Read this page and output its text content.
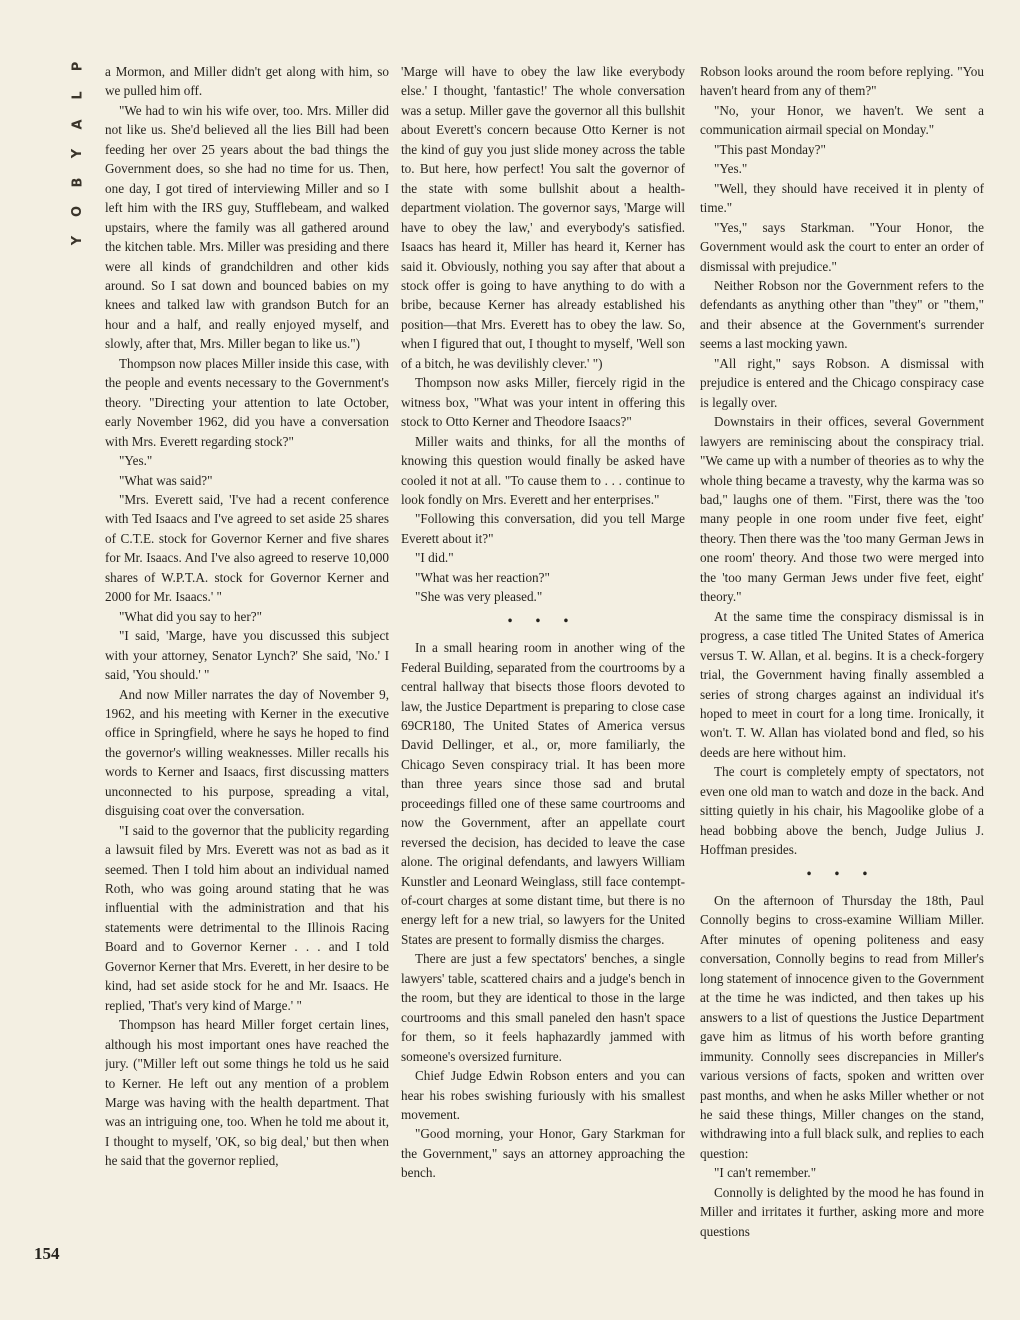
P
L
A
Y
B
O
Y
154

a Mormon, and Miller didn't get along with him, so we pulled him off.

"We had to win his wife over, too. Mrs. Miller did not like us. She'd believed all the lies Bill had been feeding her over 25 years about the bad things the Government does, so she had no time for us. Then, one day, I got tired of interviewing Miller and so I left him with the IRS guy, Stufflebeam, and walked upstairs, where the family was all gathered around the kitchen table. Mrs. Miller was presiding and there were all kinds of grandchildren and other kids around. So I sat down and bounced babies on my knees and talked law with grandson Butch for an hour and a half, and really enjoyed myself, and slowly, after that, Mrs. Miller began to like us.")

Thompson now places Miller inside this case, with the people and events necessary to the Government's theory. "Directing your attention to late October, early November 1962, did you have a conversation with Mrs. Everett regarding stock?"

"Yes."

"What was said?"

"Mrs. Everett said, 'I've had a recent conference with Ted Isaacs and I've agreed to set aside 25 shares of C.T.E. stock for Governor Kerner and five shares for Mr. Isaacs. And I've also agreed to reserve 10,000 shares of W.P.T.A. stock for Governor Kerner and 2000 for Mr. Isaacs.' "

"What did you say to her?"

"I said, 'Marge, have you discussed this subject with your attorney, Senator Lynch?' She said, 'No.' I said, 'You should.' "

And now Miller narrates the day of November 9, 1962, and his meeting with Kerner in the executive office in Springfield, where he says he hoped to find the governor's willing weaknesses. Miller recalls his words to Kerner and Isaacs, first discussing matters unconnected to his purpose, spreading a vital, disguising coat over the conversation.

"I said to the governor that the publicity regarding a lawsuit filed by Mrs. Everett was not as bad as it seemed. Then I told him about an individual named Roth, who was going around stating that he was influential with the administration and that his statements were detrimental to the Illinois Racing Board and to Governor Kerner . . . and I told Governor Kerner that Mrs. Everett, in her desire to be kind, had set aside stock for he and Mr. Isaacs. He replied, 'That's very kind of Marge.' "

Thompson has heard Miller forget certain lines, although his most important ones have reached the jury. ("Miller left out some things he told us he said to Kerner. He left out any mention of a problem Marge was having with the health department. That was an intriguing one, too. When he told me about it, I thought to myself, 'OK, so big deal,' but then when he said that the governor replied,

'Marge will have to obey the law like everybody else.' I thought, 'fantastic!' The whole conversation was a setup. Miller gave the governor all this bullshit about Everett's concern because Otto Kerner is not the kind of guy you just slide money across the table to. But here, how perfect! You salt the governor of the state with some bullshit about a health-department violation. The governor says, 'Marge will have to obey the law,' and everybody's satisfied. Isaacs has heard it, Miller has heard it, Kerner has said it. Obviously, nothing you say after that about a stock offer is going to have anything to do with a bribe, because Kerner has already established his position—that Mrs. Everett has to obey the law. So, when I figured that out, I thought to myself, 'Well son of a bitch, he was devilishly clever.' ")

Thompson now asks Miller, fiercely rigid in the witness box, "What was your intent in offering this stock to Otto Kerner and Theodore Isaacs?"

Miller waits and thinks, for all the months of knowing this question would finally be asked have cooled it not at all. "To cause them to . . . continue to look fondly on Mrs. Everett and her enterprises."

"Following this conversation, did you tell Marge Everett about it?"

"I did."

"What was her reaction?"

"She was very pleased."

• • •

In a small hearing room in another wing of the Federal Building, separated from the courtrooms by a central hallway that bisects those floors devoted to law, the Justice Department is preparing to close case 69CR180, The United States of America versus David Dellinger, et al., or, more familiarly, the Chicago Seven conspiracy trial. It has been more than three years since those sad and brutal proceedings filled one of these same courtrooms and now the Government, after an appellate court reversed the decision, has decided to leave the case alone. The original defendants, and lawyers William Kunstler and Leonard Weinglass, still face contempt-of-court charges at some distant time, but there is no energy left for a new trial, so lawyers for the United States are present to formally dismiss the charges.

There are just a few spectators' benches, a single lawyers' table, scattered chairs and a judge's bench in the room, but they are identical to those in the large courtrooms and this small paneled den hasn't space for them, so it feels haphazardly jammed with someone's oversized furniture.

Chief Judge Edwin Robson enters and you can hear his robes swishing furiously with his smallest movement.

"Good morning, your Honor, Gary Starkman for the Government," says an attorney approaching the bench.

Robson looks around the room before replying. "You haven't heard from any of them?"

"No, your Honor, we haven't. We sent a communication airmail special on Monday."

"This past Monday?"

"Yes."

"Well, they should have received it in plenty of time."

"Yes," says Starkman. "Your Honor, the Government would ask the court to enter an order of dismissal with prejudice."

Neither Robson nor the Government refers to the defendants as anything other than "they" or "them," and their absence at the Government's surrender seems a last mocking yawn.

"All right," says Robson. A dismissal with prejudice is entered and the Chicago conspiracy case is legally over.

Downstairs in their offices, several Government lawyers are reminiscing about the conspiracy trial. "We came up with a number of theories as to why the whole thing became a travesty, why the karma was so bad," laughs one of them. "First, there was the 'too many people in one room under five feet, eight' theory. Then there was the 'too many German Jews in one room' theory. And those two were merged into the 'too many German Jews under five feet, eight' theory."

At the same time the conspiracy dismissal is in progress, a case titled The United States of America versus T. W. Allan, et al. begins. It is a check-forgery trial, the Government having finally assembled a series of strong charges against an individual it's hoped to meet in court for a long time. Ironically, it won't. T. W. Allan has violated bond and fled, so his deeds are here without him.

The court is completely empty of spectators, not even one old man to watch and doze in the back. And sitting quietly in his chair, his Magoolike globe of a head bobbing above the bench, Judge Julius J. Hoffman presides.

• • •

On the afternoon of Thursday the 18th, Paul Connolly begins to cross-examine William Miller. After minutes of opening politeness and easy conversation, Connolly begins to read from Miller's long statement of innocence given to the Government at the time he was indicted, and then takes up his answers to a list of questions the Justice Department gave him as litmus of his worth before granting immunity. Connolly sees discrepancies in Miller's various versions of facts, spoken and written over past months, and when he asks Miller whether or not he said these things, Miller changes on the stand, withdrawing into a full black sulk, and replies to each question:

"I can't remember."

Connolly is delighted by the mood he has found in Miller and irritates it further, asking more and more questions
